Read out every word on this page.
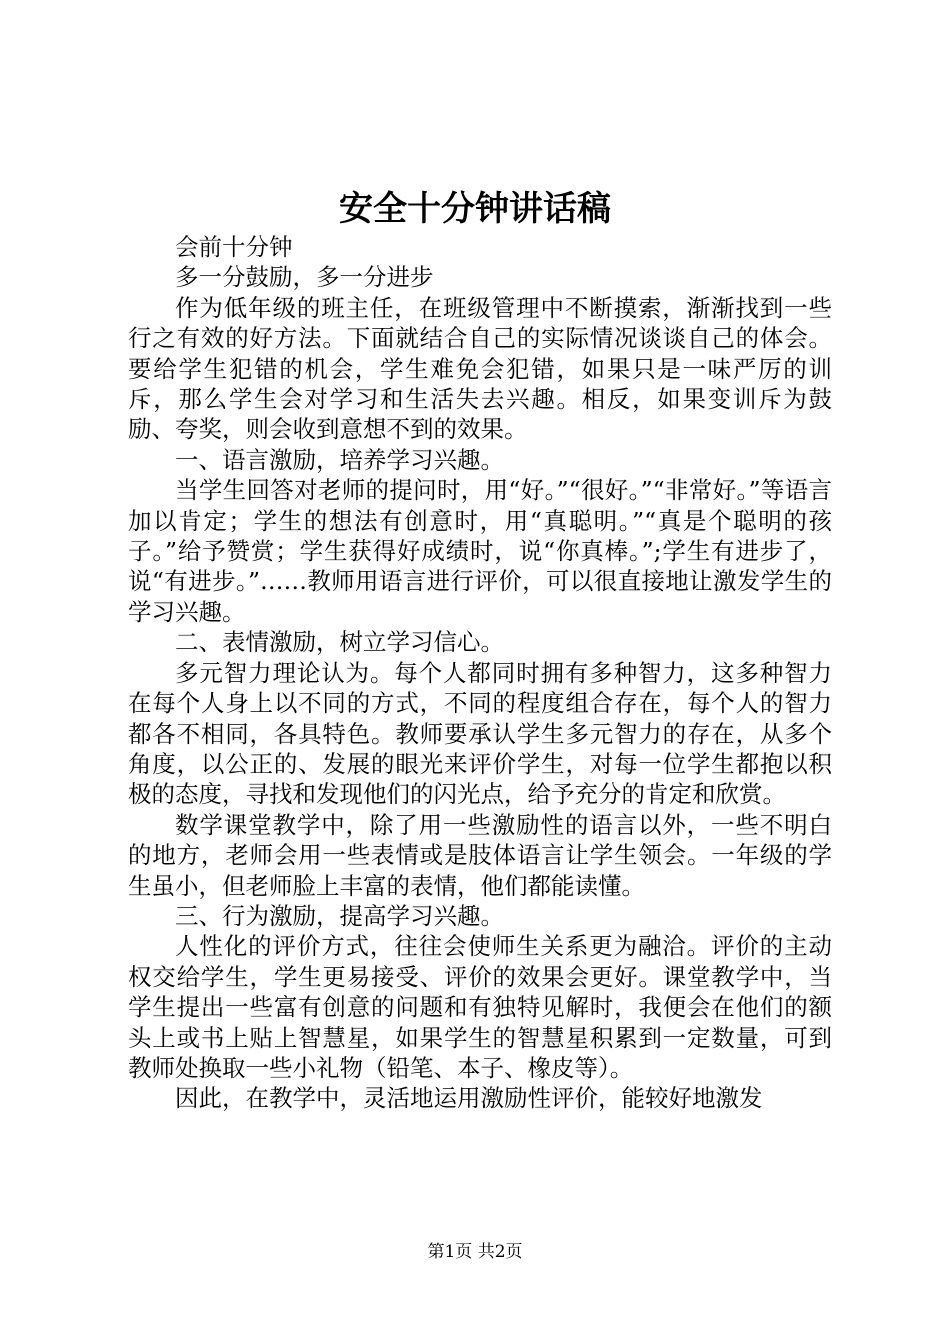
安全十分钟讲话稿

会前十分钟

多一分鼓励，多一分进步

作为低年级的班主任，在班级管理中不断摸索，渐渐找到一些行之有效的好方法。下面就结合自己的实际情况谈谈自己的体会。要给学生犯错的机会，学生难免会犯错，如果只是一味严厉的训斥，那么学生会对学习和生活失去兴趣。相反，如果变训斥为鼓励、夸奖，则会收到意想不到的效果。

一、语言激励，培养学习兴趣。

当学生回答对老师的提问时，用“好。”“很好。”“非常好。”等语言加以肯定；学生的想法有创意时，用“真聪明。”“真是个聪明的孩子。”给予赞赏；学生获得好成绩时，说“你真棒。”;学生有进步了，说“有进步。”……教师用语言进行评价，可以很直接地让激发学生的学习兴趣。

二、表情激励，树立学习信心。

多元智力理论认为。每个人都同时拥有多种智力，这多种智力在每个人身上以不同的方式，不同的程度组合存在，每个人的智力都各不相同，各具特色。教师要承认学生多元智力的存在，从多个角度，以公正的、发展的眼光来评价学生，对每一位学生都抱以积极的态度，寻找和发现他们的闪光点，给予充分的肯定和欣赏。

数学课堂教学中，除了用一些激励性的语言以外，一些不明白的地方，老师会用一些表情或是肢体语言让学生领会。一年级的学生虽小，但老师脸上丰富的表情，他们都能读懂。

三、行为激励，提高学习兴趣。

人性化的评价方式，往往会使师生关系更为融洽。评价的主动权交给学生，学生更易接受、评价的效果会更好。课堂教学中，当学生提出一些富有创意的问题和有独特见解时，我便会在他们的额头上或书上贴上智慧星，如果学生的智慧星积累到一定数量，可到教师处换取一些小礼物（铅笔、本子、橡皮等）。

因此，在教学中，灵活地运用激励性评价，能较好地激发

第1页 共2页
